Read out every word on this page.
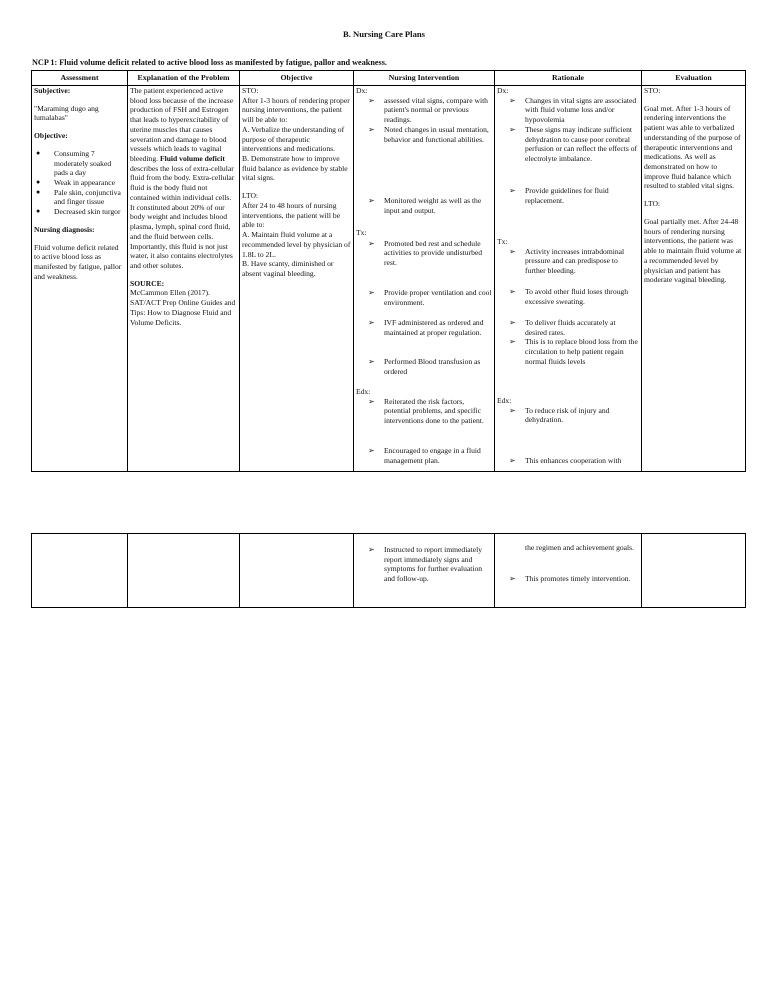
B. Nursing Care Plans
NCP 1: Fluid volume deficit related to active blood loss as manifested by fatigue, pallor and weakness.
Assessment

Subjective:

"Maraming dugo ang lumalabas"

Objective:

● Consuming 7 moderately soaked pads a day
● Weak in appearance
● Pale skin, conjunctiva and finger tissue
● Decreased skin turgor

Nursing diagnosis:

Fluid volume deficit related to active blood loss as manifested by fatigue, pallor and weakness.

Explanation of the Problem

The patient experienced active blood loss because of the increase production of FSH and Estrogen that leads to hyperexcitability of uterine muscles that causes severation and damage to blood vessels which leads to vaginal bleeding. Fluid volume deficit describes the loss of extra-cellular fluid from the body. Extra-cellular fluid is the body fluid not contained within individual cells. It constituted about 20% of our body weight and includes blood plasma, lymph, spinal cord fluid, and the fluid between cells. Importantly, this fluid is not just water, it also contains electrolytes and other solutes.

SOURCE:

McCammon Ellen (2017). SAT/ACT Prep Online Guides and Tips: How to Diagnose Fluid and Volume Deficits.

Objective

STO:

After 1-3 hours of rendering proper nursing interventions, the patient will be able to:

A. Verbalize the understanding of purpose of therapeutic interventions and medications.

B. Demonstrate how to improve fluid balance as evidence by stable vital signs.

LTO:

After 24 to 48 hours of nursing interventions, the patient will be able to:

A. Maintain fluid volume at a recommended level by physician of 1.8L to 2L.

B. Have scanty, diminished or absent vaginal bleeding.

Nursing Intervention

Dx:

➢ assessed vital signs, compare with patient's normal or previous readings.
➢ Noted changes in usual mentation, behavior and functional abilities.
➢ Monitored weight as well as the input and output.

Tx:

➢ Promoted bed rest and schedule activities to provide undisturbed rest.
➢ Provide proper ventilation and cool environment.
➢ IVF administered as ordered and maintained at proper regulation.
➢ Performed Blood transfusion as ordered

Edx:

➢ Reiterated the risk factors, potential problems, and specific interventions done to the patient.
➢ Encouraged to engage in a fluid management plan.
Rationale

Dx:

➢ Changes in vital signs are associated with fluid volume loss and/or hypovolemia
➢ These signs may indicate sufficient dehydration to cause poor cerebral perfusion or can reflect the effects of electrolyte imbalance.
➢ Provide guidelines for fluid replacement.

Tx:

➢ Activity increases intrabdominal pressure and can predispose to further bleeding.
➢ To avoid other fluid loses through excessive sweating.
➢ To deliver fluids accurately at desired rates.
➢ This is to replace blood loss from the circulation to help patient regain normal fluids levels

Edx:

➢ To reduce risk of injury and dehydration.
➢ This enhances cooperation with
Evaluation

STO:

Goal met. After 1-3 hours of rendering interventions the patient was able to verbalized understanding of the purpose of therapeutic interventions and medications. As well as demonstrated on how to improve fluid balance which resulted to stabled vital signs.

LTO:

Goal partially met. After 24-48 hours of rendering nursing interventions, the patient was able to maintain fluid volume at a recommended level by physician and patient has moderate vaginal bleeding.

➢ Instructed to report immediately report immediately signs and symptoms for further evaluation and follow-up.

the regimen and achievement goals.

➢ This promotes timely intervention.
